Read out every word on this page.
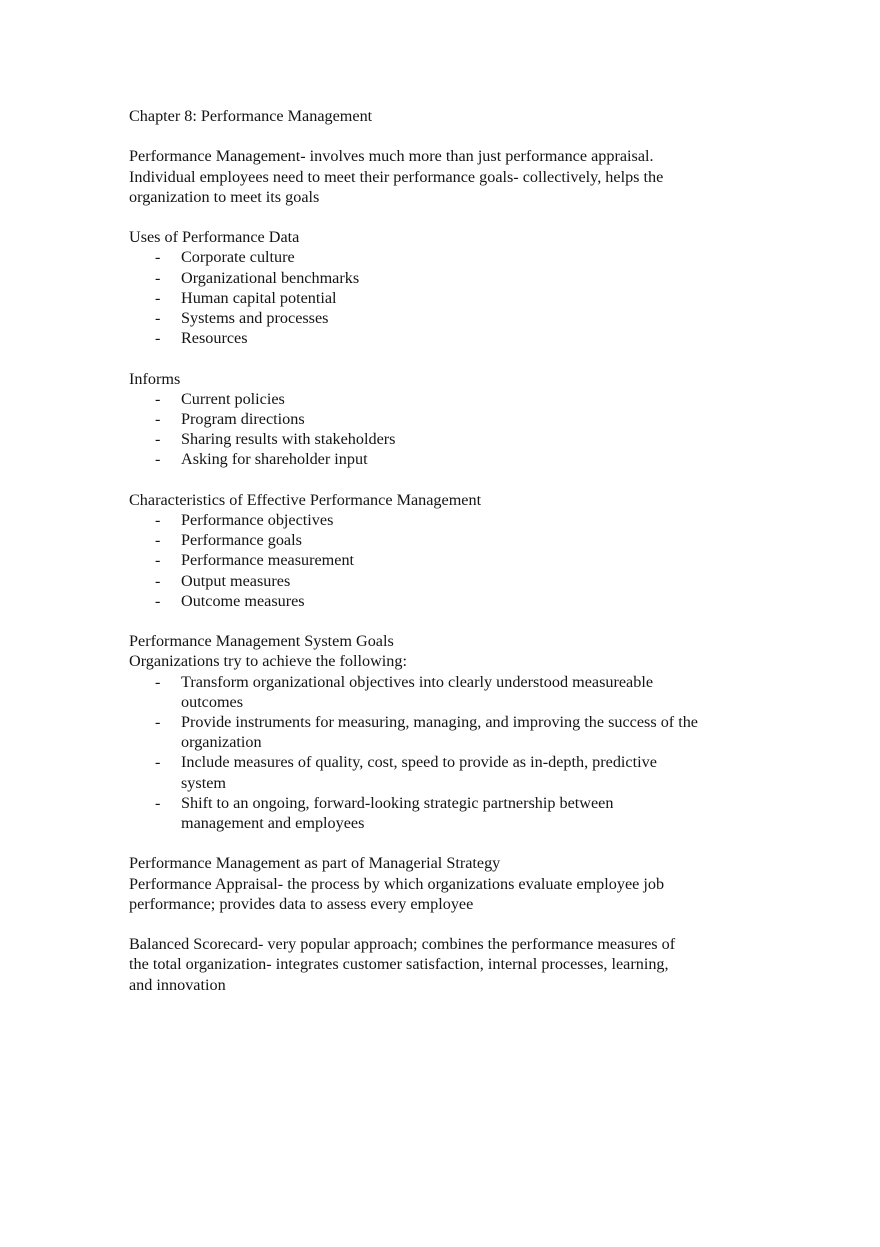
Chapter 8: Performance Management

Performance Management- involves much more than just performance appraisal.

Individual employees need to meet their performance goals- collectively, helps the

organization to meet its goals

Uses of Performance Data

- Corporate culture
- Organizational benchmarks
- Human capital potential
- Systems and processes
- Resources

Informs

- Current policies
- Program directions
- Sharing results with stakeholders
- Asking for shareholder input

Characteristics of Effective Performance Management

- Performance objectives
- Performance goals
- Performance measurement
- Output measures
- Outcome measures

Performance Management System Goals

Organizations try to achieve the following:

- Transform organizational objectives into clearly understood measureable
outcomes
- Provide instruments for measuring, managing, and improving the success of the
organization
- Include measures of quality, cost, speed to provide as in-depth, predictive
system
- Shift to an ongoing, forward-looking strategic partnership between
management and employees

Performance Management as part of Managerial Strategy

Performance Appraisal- the process by which organizations evaluate employee job

performance; provides data to assess every employee

Balanced Scorecard- very popular approach; combines the performance measures of

the total organization- integrates customer satisfaction, internal processes, learning,

and innovation
